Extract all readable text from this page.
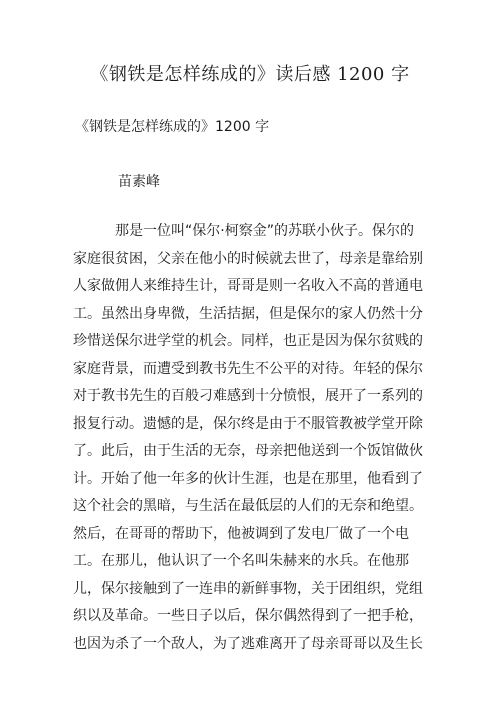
《钢铁是怎样练成的》读后感 1200 字
《钢铁是怎样练成的》1200 字
苗素峰
那是一位叫“保尔·柯察金”的苏联小伙子。保尔的
家庭很贫困，父亲在他小的时候就去世了，母亲是靠给别
人家做佣人来维持生计，哥哥是则一名收入不高的普通电
工。虽然出身卑微，生活拮据，但是保尔的家人仍然十分
珍惜送保尔进学堂的机会。同样，也正是因为保尔贫贱的
家庭背景，而遭受到教书先生不公平的对待。年轻的保尔
对于教书先生的百般刁难感到十分愤恨，展开了一系列的
报复行动。遗憾的是，保尔终是由于不服管教被学堂开除
了。此后，由于生活的无奈，母亲把他送到一个饭馆做伙
计。开始了他一年多的伙计生涯，也是在那里，他看到了
这个社会的黑暗，与生活在最低层的人们的无奈和绝望。
然后，在哥哥的帮助下，他被调到了发电厂做了一个电
工。在那儿，他认识了一个名叫朱赫来的水兵。在他那
儿，保尔接触到了一连串的新鲜事物，关于团组织，党组
织以及革命。一些日子以后，保尔偶然得到了一把手枪，
也因为杀了一个敌人，为了逃难离开了母亲哥哥以及生长
